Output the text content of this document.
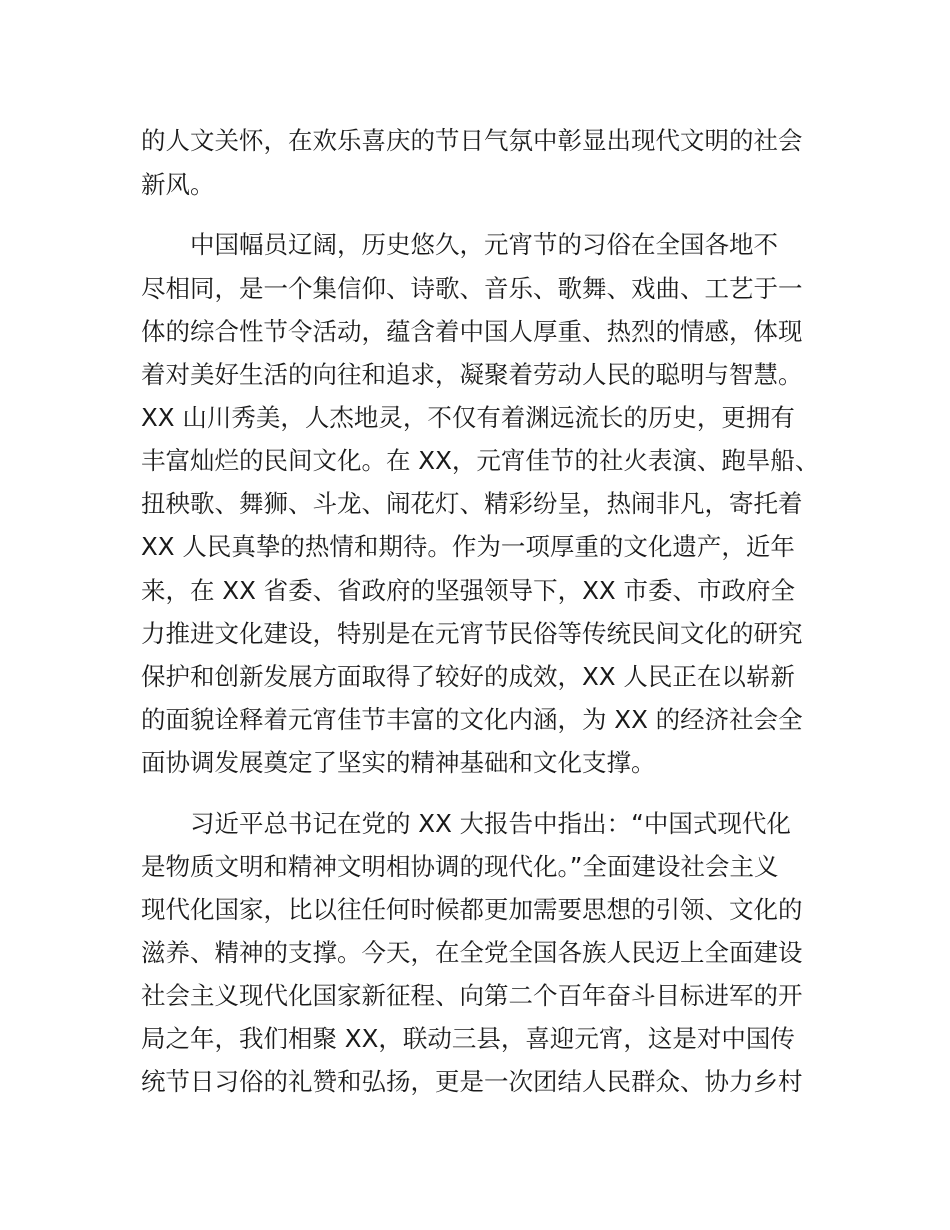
的人文关怀，在欢乐喜庆的节日气氛中彰显出现代文明的社会
新风。
中国幅员辽阔，历史悠久，元宵节的习俗在全国各地不
尽相同，是一个集信仰、诗歌、音乐、歌舞、戏曲、工艺于一
体的综合性节令活动，蕴含着中国人厚重、热烈的情感，体现
着对美好生活的向往和追求，凝聚着劳动人民的聪明与智慧。
XX 山川秀美，人杰地灵，不仅有着渊远流长的历史，更拥有
丰富灿烂的民间文化。在 XX，元宵佳节的社火表演、跑旱船、
扭秧歌、舞狮、斗龙、闹花灯、精彩纷呈，热闹非凡，寄托着
XX 人民真挚的热情和期待。作为一项厚重的文化遗产，近年
来，在 XX 省委、省政府的坚强领导下，XX 市委、市政府全
力推进文化建设，特别是在元宵节民俗等传统民间文化的研究
保护和创新发展方面取得了较好的成效，XX 人民正在以崭新
的面貌诠释着元宵佳节丰富的文化内涵，为 XX 的经济社会全
面协调发展奠定了坚实的精神基础和文化支撑。
习近平总书记在党的 XX 大报告中指出：“中国式现代化
是物质文明和精神文明相协调的现代化。”全面建设社会主义
现代化国家，比以往任何时候都更加需要思想的引领、文化的
滋养、精神的支撑。今天，在全党全国各族人民迈上全面建设
社会主义现代化国家新征程、向第二个百年奋斗目标进军的开
局之年，我们相聚 XX，联动三县，喜迎元宵，这是对中国传
统节日习俗的礼赞和弘扬，更是一次团结人民群众、协力乡村
